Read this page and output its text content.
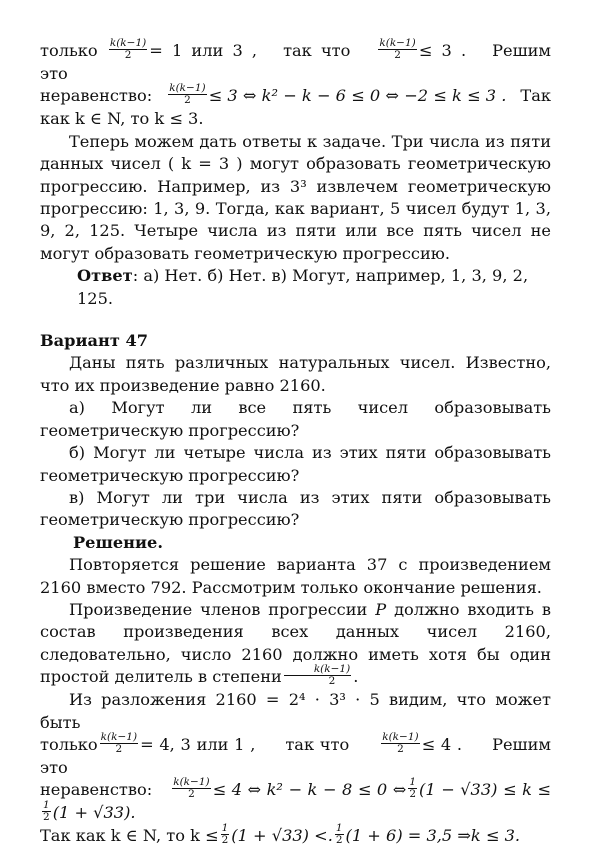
только $\frac{k(k-1)}{2} = 1$ или 3 , так что	$\frac{k(k-1)}{2} \le 3$ . Решим это

неравенство: $\frac{k(k-1)}{2} \le 3$ ⇔ k² − k − 6 ≤ 0 ⇔ −2 ≤ k ≤ 3 . Так

как k ∈ N, то k ≤ 3.

Теперь можем дать ответы к задаче. Три числа из пяти данных чисел ( k = 3 ) могут образовать геометрическую прогрессию. Например, из 3³ извлечем геометрическую прогрессию: 1, 3, 9. Тогда, как вариант, 5 чисел будут 1, 3, 9, 2, 125. Четыре числа из пяти или все пять чисел не могут образовать геометрическую прогрессию.

Ответ: а) Нет. б) Нет. в) Могут, например, 1, 3, 9, 2, 125.

Вариант 47

Даны пять различных натуральных чисел. Известно, что их произведение равно 2160.

а) Могут ли все пять чисел образовывать геометрическую прогрессию?

б) Могут ли четыре числа из этих пяти образовывать геометрическую прогрессию?

в) Могут ли три числа из этих пяти образовывать геометрическую прогрессию?

Решение.

Повторяется решение варианта 37 с произведением 2160 вместо 792. Рассмотрим только окончание решения.

Произведение членов прогрессии P должно входить в состав произведения всех данных чисел 2160, следовательно, число 2160 должно иметь хотя бы один простой делитель в степени $\frac{k(k-1)}{2}$ .

Из разложения 2160 = 2⁴ · 3³ · 5 видим, что может быть

только $\frac{k(k-1)}{2} = 4$, 3 или 1 , так что	$\frac{k(k-1)}{2} \le 4$ . Решим это

неравенство: $\frac{k(k-1)}{2} \le 4$ ⇔ k² − k − 8 ≤ 0 ⇔ $\frac{1}{2} (1 - √33) \le k$ ≤

$\frac{1}{2} (1 + √33)$.

Так как k ∈ N, то $k \le \frac{1}{2} (1 + √33)$ <. $\frac{1}{2} (1 + 6) = 3,5$ ⇒k ≤ 3.
